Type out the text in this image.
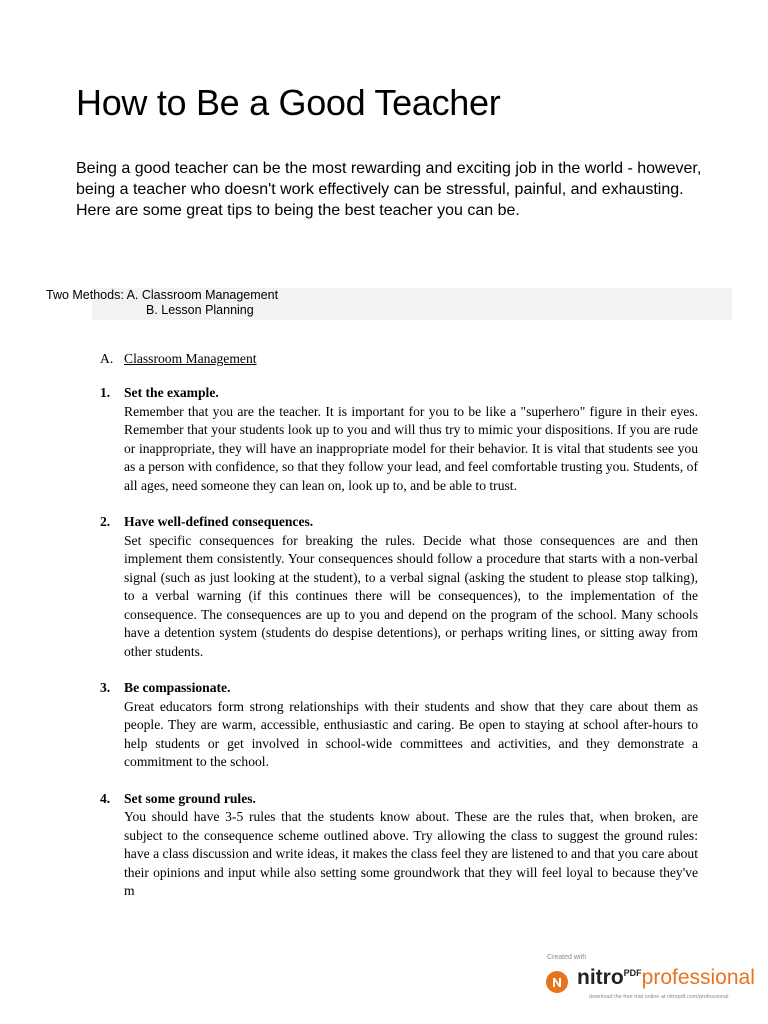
How to Be a Good Teacher

Being a good teacher can be the most rewarding and exciting job in the world - however, being a teacher who doesn't work effectively can be stressful, painful, and exhausting. Here are some great tips to being the best teacher you can be.

Two Methods: A. Classroom Management
B. Lesson Planning
A. Classroom Management
1. Set the example.

Remember that you are the teacher. It is important for you to be like a "superhero" figure in their eyes. Remember that your students look up to you and will thus try to mimic your dispositions. If you are rude or inappropriate, they will have an inappropriate model for their behavior. It is vital that students see you as a person with confidence, so that they follow your lead, and feel comfortable trusting you. Students, of all ages, need someone they can lean on, look up to, and be able to trust.

2. Have well-defined consequences.

Set specific consequences for breaking the rules. Decide what those consequences are and then implement them consistently. Your consequences should follow a procedure that starts with a non-verbal signal (such as just looking at the student), to a verbal signal (asking the student to please stop talking), to a verbal warning (if this continues there will be consequences), to the implementation of the consequence. The consequences are up to you and depend on the program of the school. Many schools have a detention system (students do despise detentions), or perhaps writing lines, or sitting away from other students.

3. Be compassionate.

Great educators form strong relationships with their students and show that they care about them as people. They are warm, accessible, enthusiastic and caring. Be open to staying at school after-hours to help students or get involved in school-wide committees and activities, and they demonstrate a commitment to the school.

4. Set some ground rules.

You should have 3-5 rules that the students know about. These are the rules that, when broken, are subject to the consequence scheme outlined above. Try allowing the class to suggest the ground rules: have a class discussion and write ideas, it makes the class feel they are listened to and that you care about their opinions and input while also setting some groundwork that they will feel loyal to because they've m

Created with
nitro$^{PDF}$professional
download the free trial online at nitropdf.com/professional
